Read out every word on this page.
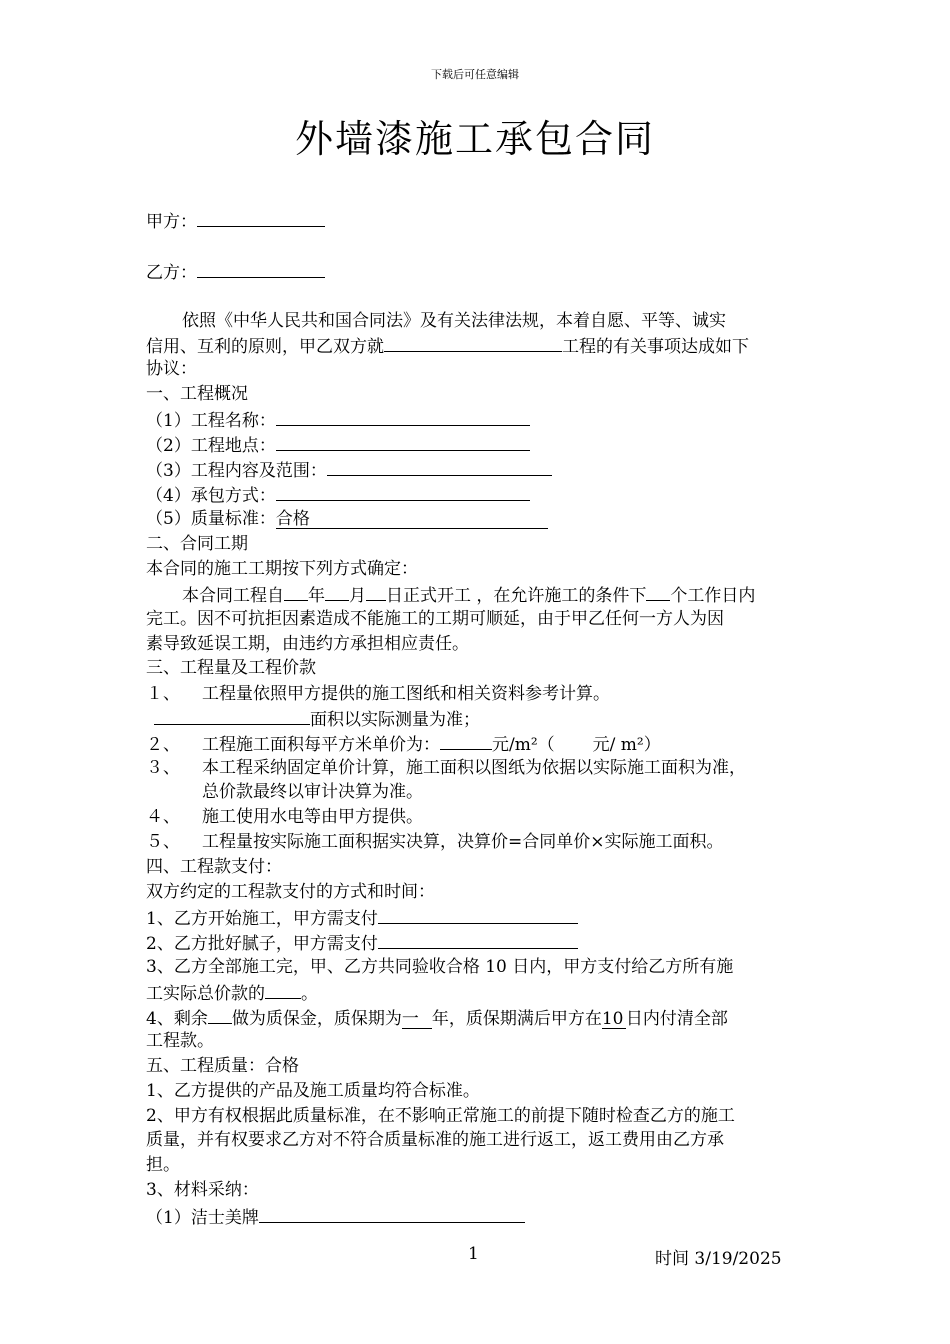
下载后可任意编辑
外墙漆施工承包合同
甲方：
乙方：
依照《中华人民共和国合同法》及有关法律法规，本着自愿、平等、诚实
信用、互利的原则，甲乙双方就	工程的有关事项达成如下
协议：
一、工程概况
（1）工程名称：
（2）工程地点：
（3）工程内容及范围：
（4）承包方式：
（5）质量标准：合格
二、合同工期
本合同的施工工期按下列方式确定：
本合同工程自 年 月 日正式开工 ，在允许施工的条件下 个工作日内
完工。因不可抗拒因素造成不能施工的工期可顺延，由于甲乙任何一方人为因
素导致延误工期，由违约方承担相应责任。
三、工程量及工程价款
１、 工程量依照甲方提供的施工图纸和相关资料参考计算。
面积以实际测量为准；
２、 工程施工面积每平方米单价为：	元/m²（ 元/ m²）
３、 本工程采纳固定单价计算，施工面积以图纸为依据以实际施工面积为准，
总价款最终以审计决算为准。
４、 施工使用水电等由甲方提供。
５、 工程量按实际施工面积据实决算，决算价=合同单价×实际施工面积。
四、工程款支付：
双方约定的工程款支付的方式和时间：
1、乙方开始施工，甲方需支付
2、乙方批好腻子，甲方需支付
3、乙方全部施工完，甲、乙方共同验收合格 10 日内，甲方支付给乙方所有施
工实际总价款的 。
4、剩余 做为质保金，质保期为一 年，质保期满后甲方在10 日内付清全部
工程款。
五、工程质量：合格
1、乙方提供的产品及施工质量均符合标准。
2、甲方有权根据此质量标准，在不影响正常施工的前提下随时检查乙方的施工
质量，并有权要求乙方对不符合质量标准的施工进行返工，返工费用由乙方承
担。
3、材料采纳：
（1）洁士美牌
1	时间 3/19/2025
